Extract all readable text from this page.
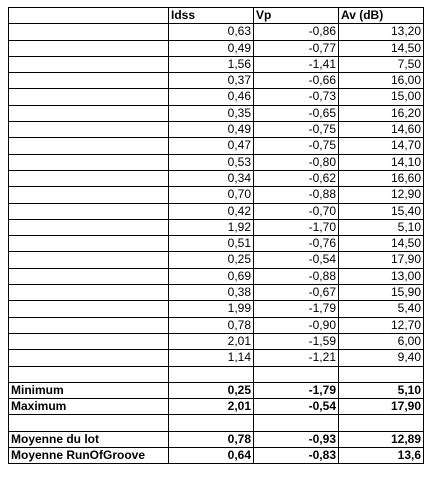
	Idss	Vp	Av (dB)
	0,63	-0,86	13,20
	0,49	-0,77	14,50
	1,56	-1,41	7,50
	0,37	-0,66	16,00
	0,46	-0,73	15,00
	0,35	-0,65	16,20
	0,49	-0,75	14,60
	0,47	-0,75	14,70
	0,53	-0,80	14,10
	0,34	-0,62	16,60
	0,70	-0,88	12,90
	0,42	-0,70	15,40
	1,92	-1,70	5,10
	0,51	-0,76	14,50
	0,25	-0,54	17,90
	0,69	-0,88	13,00
	0,38	-0,67	15,90
	1,99	-1,79	5,40
	0,78	-0,90	12,70
	2,01	-1,59	6,00
	1,14	-1,21	9,40

Minimum	0,25	-1,79	5,10
Maximum	2,01	-0,54	17,90

Moyenne du lot	0,78	-0,93	12,89
Moyenne RunOfGroove	0,64	-0,83	13,6
